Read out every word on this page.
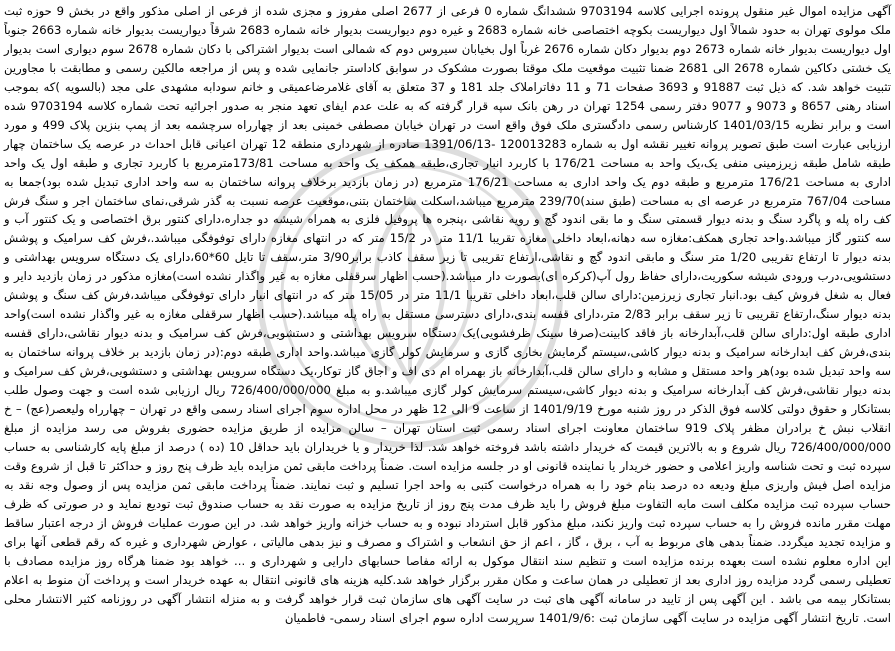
آگهی مزایده اموال غیر منقول پرونده اجرایی کلاسه 9703194 ششدانگ شماره 0 فرعی از 2677 اصلی مفروز و مجزی شده از فرعی از اصلی مذکور واقع در بخش 9 حوزه ثبت ملک مولوی تهران به حدود شمالاً اول دیواریست بکوچه اختصاصی خانه شماره 2683 و غیره دوم دیواریست بدیوار خانه شماره 2683 شرقاً دیواریست بدیوار خانه شماره 2663 جنوباً اول دیواریست بدیوار خانه شماره 2673 دوم بدیوار دکان شماره 2676 غرباً اول بخیابان سیروس دوم که شمالی است بدیوار اشتراکی با دکان شماره 2678 سوم دیواری است بدیوار یک خشتی دکاکین شماره 2678 الی 2681 ضمنا تثبیت موقعیت ملک موقتا بصورت مشکوک در سوابق کاداستر جانمایی شده و پس از مراجعه مالکین رسمی و مطابقت با مجاورین تثبیت خواهد شد. که ذیل ثبت 91887 و 3693 صفحات 71 و 11 دفاتراملاک جلد 181 و 37 متعلق به آقای غلامرضاعمیقی و خانم سودابه مشهدی علی مجد (بالسویه )که بموجب اسناد رهنی 8657 و 9073 و 9077 دفتر رسمی 1254 تهران در رهن بانک سپه قرار گرفته که به علت عدم ایفای تعهد منجر به صدور اجرائیه تحت شماره کلاسه 9703194 شده است و برابر نظریه 1401/03/15 کارشناس رسمی دادگستری ملک فوق واقع است در تهران خیابان مصطفی خمینی بعد از چهارراه سرچشمه بعد از پمپ بنزین پلاک 499 و مورد ارزیابی عبارت است طبق تصویر پروانه تغییر نقشه اول به شماره 120013283 -1391/06/13 صادره از شهرداری منطقه 12 تهران اعیانی قابل احداث در عرصه یک ساختمان چهار طبقه شامل طبقه زیرزمینی منفی یک،یک واحد به مساحت 176/21 با کاربرد انبار تجاری،طبقه همکف یک واحد به مساحت 173/81مترمربع با کاربرد تجاری و طبقه اول یک واحد اداری به مساحت 176/21 مترمربع و طبقه دوم یک واحد اداری به مساحت 176/21 مترمربع (در زمان بازدید برخلاف پروانه ساختمان به سه واحد اداری تبدیل شده بود)جمعا به مساحت 767/04 مترمربع در عرصه ای به مساحت (طبق سند)239/70 مترمربع میباشد،اسکلت ساختمان بتنی،موقعیت عرصه نسبت به گذر شرقی،نمای ساختمان اجر و سنگ فرش کف راه پله و پاگرد سنگ و بدنه دیوار قسمتی سنگ و ما بقی اندود گچ و رویه نقاشی ،پنجره ها پروفیل فلزی به همراه شیشه دو جداره،دارای کنتور برق اختصاصی و یک کنتور آب و سه کنتور گاز میباشد.واحد تجاری همکف:مغازه سه دهانه،ابعاد داخلی مغازه تقریبا 11/1 متر در 15/2 متر که در انتهای مغازه دارای توفوفگی میباشد.،فرش کف سرامیک و پوشش بدنه دیوار تا ارتفاع تقریبی 1/20 متر سنگ و مابقی اندود گچ و نقاشی،ارتفاع تقریبی تا زیر سقف کاذب برابر3/90 متر،سقف تا تایل 60*60،دارای یک دستگاه سرویس بهداشتی و دستشویی،درب ورودی شیشه سکوریت،دارای حفاظ رول آپ(کرکره ای)بصورت دار میباشد.(حسب اظهار سرقفلی مغازه به غیر واگذار نشده است)مغازه مذکور در زمان بازدید دایر و فعال به شغل فروش کیف بود.انبار تجاری زیرزمین:دارای سالن قلب،ابعاد داخلی تقریبا 11/1 متر در 15/05 متر که در انتهای انبار دارای توفوفگی میباشد،فرش کف سنگ و پوشش بدنه دیوار سنگ،ارتفاع تقریبی تا زیر سقف برابر 2/83 متر،دارای قفسه بندی،دارای دسترسی مستقل به راه پله میباشد.(حسب اظهار سرقفلی مغازه به غیر واگذار نشده است)واحد اداری طبقه اول:دارای سالن قلب،آبدارخانه باز فاقد کابینت(صرفا سینک ظرفشویی)یک دستگاه سرویس بهداشتی و دستشویی،فرش کف سرامیک و بدنه دیوار نقاشی،دارای قفسه بندی،فرش کف ابدارخانه سرامیک و بدنه دیوار کاشی،سیستم گرمایش بخاری گازی و سرمایش کولر گازی میباشد.واحد اداری طبقه دوم:(در زمان بازدید بر خلاف پروانه ساختمان به سه واحد تبدیل شده بود)هر واحد مستقل و مشابه و دارای سالن قلب،آبدارخانه باز بهمراه ام دی اف و اجاق گاز توکار،یک دستگاه سرویس بهداشتی و دستشویی،فرش کف سرامیک و بدنه دیوار نقاشی،فرش کف آبدارخانه سرامیک و بدنه دیوار کاشی،سیستم سرمایش کولر گازی میباشد.و به مبلغ 726/400/000/000 ریال ارزیابی شده است و جهت وصول طلب بستانکار و حقوق دولتی کلاسه فوق الذکر در روز شنبه مورخ 1401/9/19 از ساعت 9 الی 12 ظهر در محل اداره سوم اجرای اسناد رسمی واقع در تهران – چهارراه ولیعصر(عج) – خ انقلاب نبش خ برادران مظفر پلاک 919 ساختمان معاونت اجرای اسناد رسمی ثبت استان تهران – سالن مزایده از طریق مزایده حضوری بفروش می رسد مزایده از مبلغ 726/400/000/000 ریال شروع و به بالاترین قیمت که خریدار داشته باشد فروخته خواهد شد. لذا خریدار و یا خریداران باید حداقل 10 (ده ) درصد از مبلغ پایه کارشناسی به حساب سپرده ثبت و تحت شناسه واریز اعلامی و حضور خریدار یا نماینده قانونی او در جلسه مزایده است. ضمناً پرداخت مابقی ثمن مزایده باید ظرف پنج روز و حداکثر تا قبل از شروع وقت مزایده اصل فیش واریزی مبلغ ودیعه ده درصد بنام خود را به همراه درخواست کتبی به واحد اجرا تسلیم و ثبت نمایند. ضمناً پرداخت مابقی ثمن مزایده پس از وصول وجه نقد به حساب سپرده ثبت مزایده مکلف است مابه التفاوت مبلغ فروش را باید ظرف مدت پنج روز از تاریخ مزایده به صورت نقد به حساب صندوق ثبت تودیع نماید و در صورتی که ظرف مهلت مقرر مانده فروش را به حساب سپرده ثبت واریز نکند، مبلغ مذکور قابل استرداد نبوده و به حساب خزانه واریز خواهد شد. در این صورت عملیات فروش از درجه اعتبار ساقط و مزایده تجدید میگردد. ضمناً بدهی های مربوط به آب ، برق ، گاز ، اعم از حق انشعاب و اشتراک و مصرف و نیز بدهی مالیاتی ، عوارض شهرداری و غیره که رقم قطعی آنها برای این اداره معلوم نشده است بعهده برنده مزایده است و تنظیم سند انتقال موکول به ارائه مفاصا حسابهای دارایی و شهرداری و ... خواهد بود ضمنا هرگاه روز مزایده مصادف با تعطیلی رسمی گردد مزایده روز اداری بعد از تعطیلی در همان ساعت و مکان مقرر برگزار خواهد شد.کلیه هزینه های قانونی انتقال به عهده خریدار است و پرداخت آن منوط به اعلام بستانکار بیمه می باشد . این آگهی پس از تایید در سامانه آگهی های ثبت در سایت آگهی های سازمان ثبت قرار خواهد گرفت و به منزله انتشار آگهی در روزنامه کثیر الانتشار محلی است. تاریخ انتشار آگهی مزایده در سایت آگهی سازمان ثبت :1401/9/6 سرپرست اداره سوم اجرای اسناد رسمی- فاطمیان
